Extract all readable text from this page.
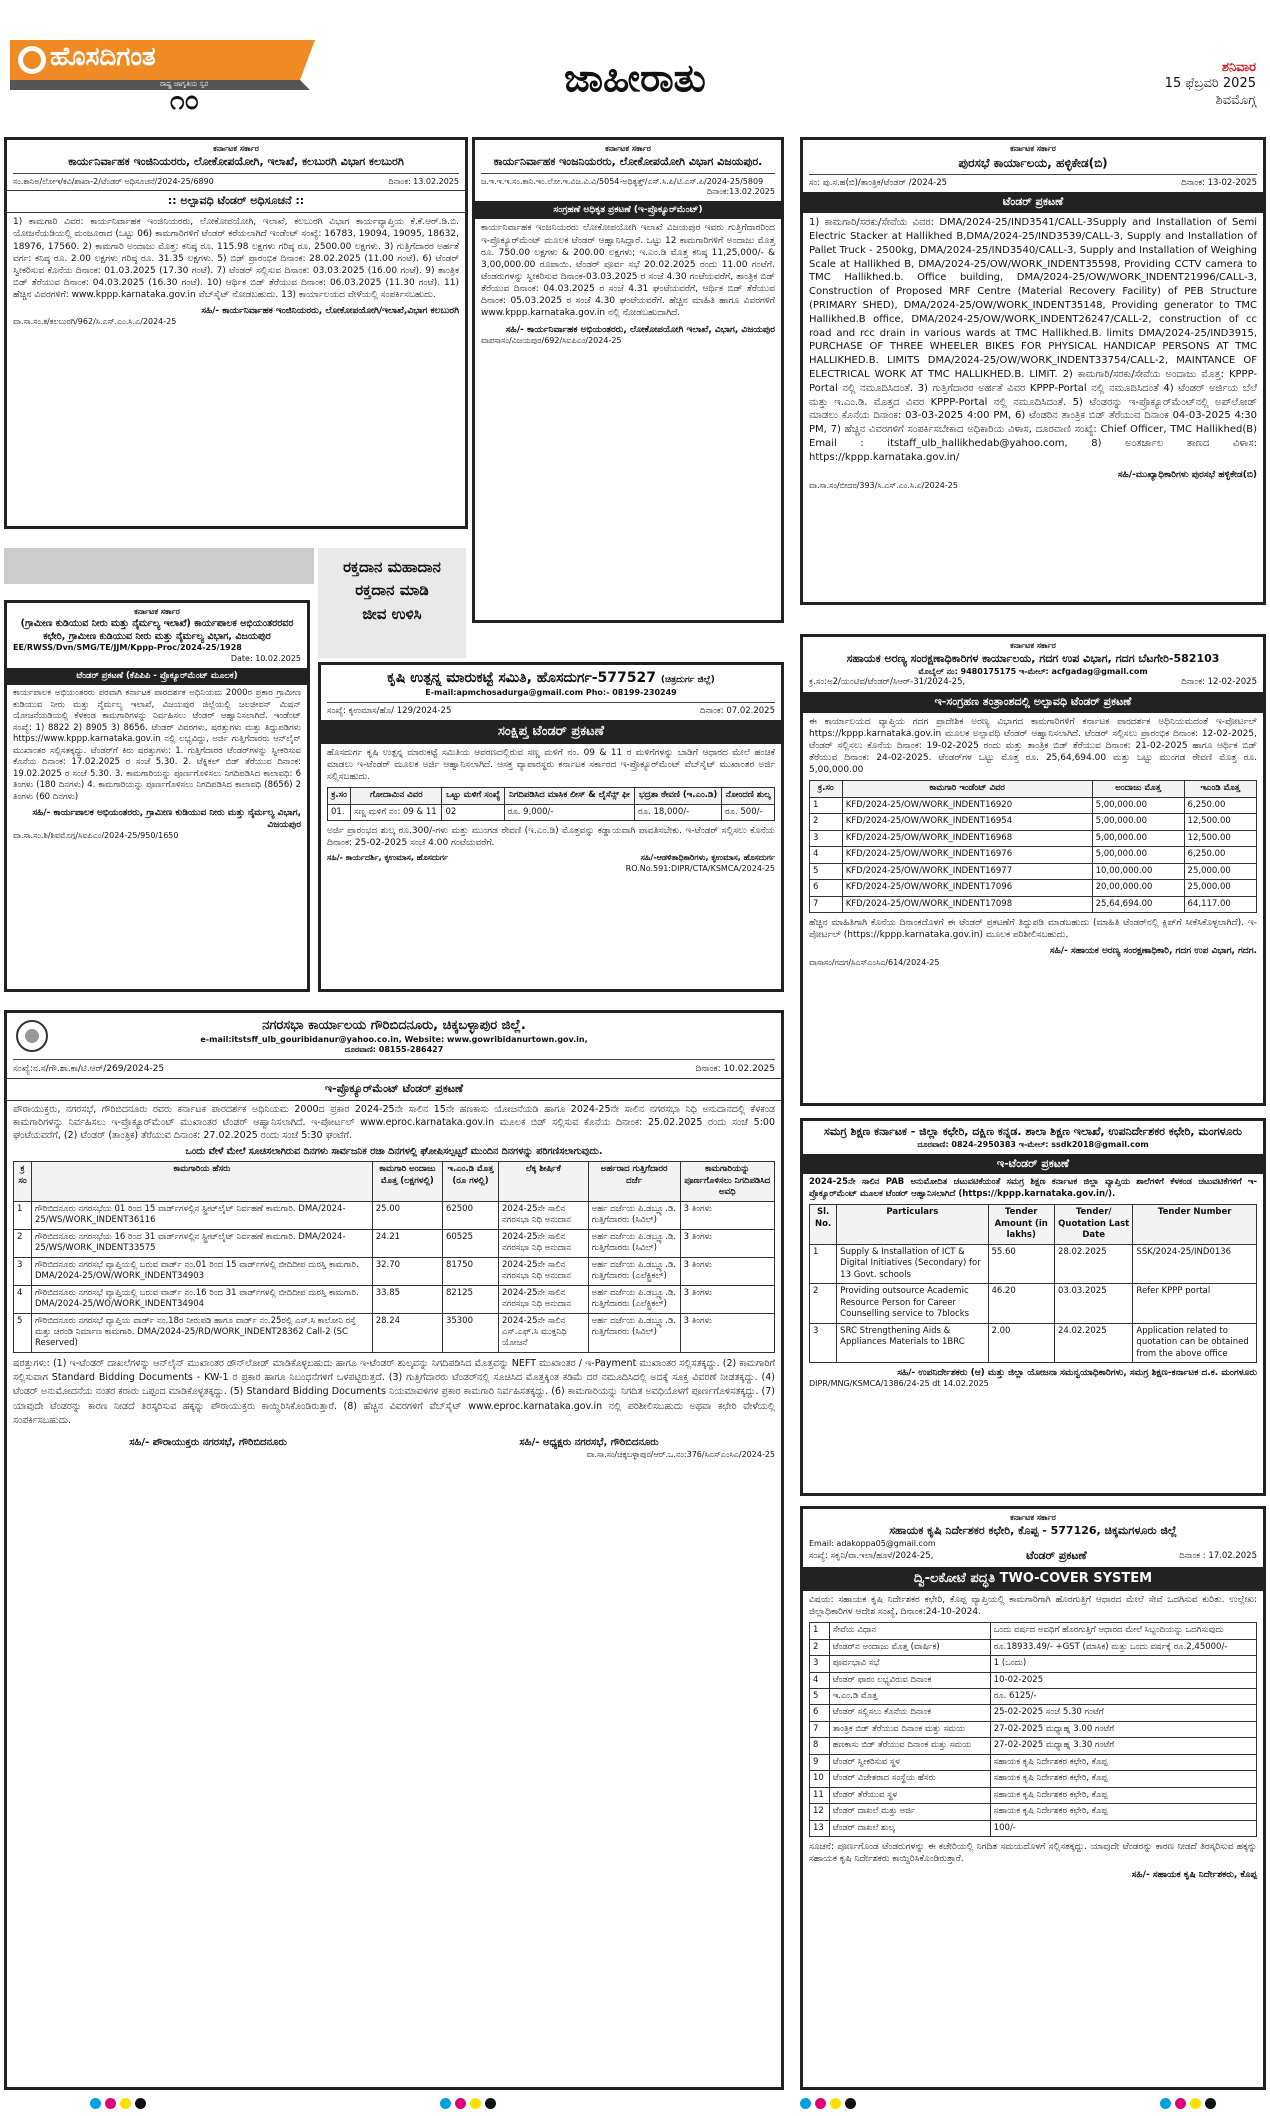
ಹೊಸದಿಗಂತ
ರಾಷ್ಟ್ರ ಜಾಗೃತಿಯ ಸ್ವರ
೧೦
ಜಾಹೀರಾತು	ಶನಿವಾರ
15 ಫೆಬ್ರವರಿ 2025
ಶಿವಮೊಗ್ಗ
ಕರ್ನಾಟಕ ಸರ್ಕಾರ
ಕಾರ್ಯನಿರ್ವಾಹಕ ಇಂಜಿನಿಯರರು, ಲೋಕೋಪಯೋಗಿ, ಇಲಾಖೆ, ಕಲಬುರಗಿ ವಿಭಾಗ ಕಲಬುರಗಿ
ಸಂ.ಕಾನಿಅ/ಲೋಇ/ಕವಿ/ಶಾಖಾ-2/ಟೆಂಡರ್ ಅಧಿಸೂಚನೆ/2024-25/6890	ದಿನಾಂಕ: 13.02.2025
:: ಅಲ್ಪಾವಧಿ ಟೆಂಡರ್ ಅಧಿಸೂಚನೆ ::
1) ಕಾಮಗಾರಿ ವಿವರ: ಕಾರ್ಯನಿರ್ವಾಹಕ ಇಂಜಿನಿಯರರು, ಲೋಕೋಪಯೋಗಿ, ಇಲಾಖೆ, ಕಲಬುರಗಿ ವಿಭಾಗ ಕಾರ್ಯವ್ಯಾಪ್ತಿಯ ಕೆ.ಕೆ.ಆರ್.ಡಿ.ಬಿ. ಯೋಜನೆಯಡಿಯಲ್ಲಿ ಮಂಜೂರಾದ (ಒಟ್ಟು 06) ಕಾಮಗಾರಿಗಳಿಗೆ ಟೆಂಡರ್ ಕರೆಯಲಾಗಿದೆ ಇಂಡೆಂಟ್ ಸಂಖ್ಯೆ: 16783, 19094, 19095, 18632, 18976, 17560. 2) ಕಾಮಗಾರಿ ಅಂದಾಜು ಮೊತ್ತ: ಕನಿಷ್ಠ ರೂ. 115.98 ಲಕ್ಷಗಳು ಗರಿಷ್ಠ ರೂ. 2500.00 ಲಕ್ಷಗಳು. 3) ಗುತ್ತಿಗೆದಾರರ ಅರ್ಹತೆ ವರ್ಗ: ಕನಿಷ್ಠ ರೂ. 2.00 ಲಕ್ಷಗಳು ಗರಿಷ್ಠ ರೂ. 31.35 ಲಕ್ಷಗಳು. 5) ಬಿಡ್ ಪ್ರಾರಂಭಿಕ ದಿನಾಂಕ: 28.02.2025 (11.00 ಗಂಟೆ). 6) ಟೆಂಡರ್ ಸ್ವೀಕರಿಸುವ ಕೊನೆಯ ದಿನಾಂಕ: 01.03.2025 (17.30 ಗಂಟೆ). 7) ಟೆಂಡರ್ ಸಲ್ಲಿಸುವ ದಿನಾಂಕ: 03.03.2025 (16.00 ಗಂಟೆ). 9) ತಾಂತ್ರಿಕ ಬಿಡ್ ತೆರೆಯುವ ದಿನಾಂಕ: 04.03.2025 (16.30 ಗಂಟೆ). 10) ಆರ್ಥಿಕ ಬಿಡ್ ತೆರೆಯುವ ದಿನಾಂಕ: 06.03.2025 (11.30 ಗಂಟೆ). 11) ಹೆಚ್ಚಿನ ವಿವರಗಳಿಗೆ: www.kppp.karnataka.gov.in ವೆಬ್‌ಸೈಟ್ ನೋಡಬಹುದು. 13) ಕಾರ್ಯಾಲಯದ ವೇಳೆಯಲ್ಲಿ ಸಂಪರ್ಕಿಸಬಹುದು.
ಸಹಿ/- ಕಾರ್ಯನಿರ್ವಾಹಕ ಇಂಜಿನಿಯರರು, ಲೋಕೋಪಯೋಗಿ/ಇಲಾಖೆ,ವಿಭಾಗ ಕಲಬುರಗಿ
ವಾ.ಸಾ.ಸಂ.ಕ/ಕಲಬುರಗಿ/962/ಸಿ.ಎಸ್.ಎಂ.ಸಿ.ಎ/2024-25
ಕರ್ನಾಟಕ ಸರ್ಕಾರ
ಕಾರ್ಯನಿರ್ವಾಹಕ ಇಂಜನಿಯರರು, ಲೋಕೋಪಯೋಗಿ ವಿಭಾಗ ವಿಜಯಪುರ.
ಜ.ಇ.ಇ.ಇ.ಸಂ.ಕಾನಿ.ಇಂ.ಲೋ.ಇ.ವಿಜ.ವಿ.ವಿ/5054-ಅಧಿಕೃತ್ತ್/ಎಸ್.ಸಿ.ಪಿ/ಟಿ.ಎಸ್.ಪಿ/2024-25/5809
ದಿನಾಂಕ:13.02.2025
ಸಂಗ್ರಹಣೆ ಅಧಿಕೃತ ಪ್ರಕಟಣೆ (ಇ-ಪ್ರೊಕ್ಯೂರ್‌ಮೆಂಟ್)
ಕಾರ್ಯನಿರ್ವಾಹಕ ಇಂಜನಿಯರರು ಲೋಕೋಪಯೋಗಿ ಇಲಾಖೆ ವಿಜಯಪುರ ಇವರು ಗುತ್ತಿಗೆದಾರರಿಂದ ಇ-ಪ್ರೊಕ್ಯೂರ್‌ಮೆಂಟ್ ಮೂಲಕ ಟೆಂಡರ್ ಆಹ್ವಾನಿಸಿದ್ದಾರೆ. ಒಟ್ಟು 12 ಕಾಮಗಾರಿಗಳಿಗೆ ಅಂದಾಜು ಮೊತ್ತ ರೂ. 750.00 ಲಕ್ಷಗಳು & 200.00 ಲಕ್ಷಗಳು; ಇ.ಎಂ.ಡಿ ಮೊತ್ತ ಕನಿಷ್ಠ 11,25,000/- & 3,00,000.00 ರೂಪಾಯಿ. ಟೆಂಡರ್ ಪೂರ್ವ ಸಭೆ 20.02.2025 ರಂದು 11.00 ಗಂಟೆಗೆ. ಟೆಂಡರುಗಳನ್ನು ಸ್ವೀಕರಿಸುವ ದಿನಾಂಕ-03.03.2025 ರ ಸಂಜೆ 4.30 ಗಂಟೆಯವರೆಗೆ, ತಾಂತ್ರಿಕ ಬಿಡ್ ತೆರೆಯುವ ದಿನಾಂಕ: 04.03.2025 ರ ಸಂಜೆ 4.31 ಘಂಟೆಯವರೆಗೆ, ಆರ್ಥಿಕ ಬಿಡ್ ತೆರೆಯುವ ದಿನಾಂಕ: 05.03.2025 ರ ಸಂಜೆ 4.30 ಘಂಟೆಯವರೆಗೆ. ಹೆಚ್ಚಿನ ಮಾಹಿತಿ ಹಾಗೂ ವಿವರಗಳಿಗೆ www.kppp.karnataka.gov.in ನಲ್ಲಿ ನೋಡಬಹುದಾಗಿದೆ.
ಸಹಿ/- ಕಾರ್ಯನಿರ್ವಾಹಕ ಅಭಿಯಂತರರು, ಲೋಕೋಪಯೋಗಿ ಇಲಾಖೆ, ವಿಭಾಗ, ವಿಜಯಪುರ
ವಾಪಸಾಸಂ/ವಿಜಯಪುರ/692/ಸಿಐಪಿಎಂ/2024-25
ಕರ್ನಾಟಕ ಸರ್ಕಾರ
ಪುರಸಭೆ ಕಾರ್ಯಾಲಯ, ಹಳ್ಳಿಕೇಡ(ಬಿ)
ಸಂ: ಪು.ಸ.ಹ(ಬಿ)/ತಾಂತ್ರಿಕ/ಟೆಂಡರ್ /2024-25	ದಿನಾಂಕ: 13-02-2025
ಟೆಂಡರ್ ಪ್ರಕಟಣೆ
1) ಕಾಮಗಾರಿ/ಸರಕು/ಸೇವೆಯ ವಿವರ: DMA/2024-25/IND3541/CALL-3Supply and Installation of Semi Electric Stacker at Hallikhed B,DMA/2024-25/IND3539/CALL-3, Supply and Installation of Pallet Truck - 2500kg, DMA/2024-25/IND3540/CALL-3, Supply and Installation of Weighing Scale at Hallikhed B, DMA/2024-25/OW/WORK_INDENT35598, Providing CCTV camera to TMC Hallikhed.b. Office building, DMA/2024-25/OW/WORK_INDENT21996/CALL-3, Construction of Proposed MRF Centre (Material Recovery Facility) of PEB Structure (PRIMARY SHED), DMA/2024-25/OW/WORK_INDENT35148, Providing generator to TMC Hallikhed.B office, DMA/2024-25/OW/WORK_INDENT26247/CALL-2, construction of cc road and rcc drain in various wards at TMC Hallikhed.B. limits DMA/2024-25/IND3915, PURCHASE OF THREE WHEELER BIKES FOR PHYSICAL HANDICAP PERSONS AT TMC HALLIKHED.B. LIMITS DMA/2024-25/OW/WORK_INDENT33754/CALL-2, MAINTANCE OF ELECTRICAL WORK AT TMC HALLIKHED.B. LIMIT. 2) ಕಾಮಗಾರಿ/ಸರಕು/ಸೇವೆಯ ಅಂದಾಜು ಮೊತ್ತ: KPPP-Portal ನಲ್ಲಿ ನಮೂದಿಸಿದಂತೆ. 3) ಗುತ್ತಿಗೆದಾರರ ಅರ್ಹತೆ ವಿವರ KPPP-Portal ನಲ್ಲಿ ನಮೂದಿಸಿದಂತೆ 4) ಟೆಂಡರ್ ಅರ್ಜಿಯ ಬೆಲೆ ಮತ್ತು ಇ.ಎಂ.ಡಿ. ಮೊತ್ತದ ವಿವರ KPPP-Portal ನಲ್ಲಿ ನಮೂದಿಸಿದಂತೆ. 5) ಟೆಂಡರನ್ನು ಇ-ಪ್ರೊಕ್ಯೂರ್‌ಮೆಂಟ್‌ನಲ್ಲಿ ಅಪ್‌ಲೋಡ್ ಮಾಡಲು ಕೊನೆಯ ದಿನಾಂಕ: 03-03-2025 4:00 PM, 6) ಟೆಂಡರಿನ ತಾಂತ್ರಿಕ ಬಿಡ್ ತೆರೆಯುವ ದಿನಾಂಕ 04-03-2025 4:30 PM, 7) ಹೆಚ್ಚಿನ ವಿವರಗಳಿಗೆ ಸಂಪರ್ಕಿಸಬೇಕಾದ ಅಧಿಕಾರಿಯ ವಿಳಾಸ, ದೂರವಾಣಿ ಸಂಖ್ಯೆ: Chief Officer, TMC Hallikhed(B) Email : itstaff_ulb_hallikhedab@yahoo.com, 8) ಅಂತರ್ಜಾಲ ತಾಣದ ವಿಳಾಸ: https://kppp.karnataka.gov.in/
ಸಹಿ/-ಮುಖ್ಯಾಧಿಕಾರಿಗಳು ಪುರಸಭೆ ಹಳ್ಳಿಕೇಡ(ಬಿ)
ವಾ.ಸಾ.ಸಂ/ಬೀದರ/393/ಸಿ.ಎಸ್.ಎಂ.ಸಿ.ಎ/2024-25
ರಕ್ತದಾನ ಮಹಾದಾನ
ರಕ್ತದಾನ ಮಾಡಿ
ಜೀವ ಉಳಿಸಿ
ಕರ್ನಾಟಕ ಸರ್ಕಾರ
(ಗ್ರಾಮೀಣ ಕುಡಿಯುವ ನೀರು ಮತ್ತು ನೈರ್ಮಲ್ಯ ಇಲಾಖೆ) ಕಾರ್ಯಪಾಲಕ ಅಭಿಯಂತರರವರ ಕಛೇರಿ, ಗ್ರಾಮೀಣ ಕುಡಿಯುವ ನೀರು ಮತ್ತು ನೈರ್ಮಲ್ಯ ವಿಭಾಗ, ವಿಜಯಪುರ
EE/RWSS/Dvn/SMG/TE/JJM/Kppp-Proc/2024-25/1928
Date: 10.02.2025
ಟೆಂಡರ್ ಪ್ರಕಟಣೆ (ಕೆಪಿಪಿಪಿ - ಪ್ರೊಕ್ಯೂರ್‌ಮೆಂಟ್ ಮೂಲಕ)
ಕಾರ್ಯಪಾಲಕ ಅಭಿಯಂತರರು ಪರವಾಗಿ ಕರ್ನಾಟಕ ಪಾರದರ್ಶಕ ಅಧಿನಿಯಮ 2000ರ ಪ್ರಕಾರ ಗ್ರಾಮೀಣ ಕುಡಿಯುವ ನೀರು ಮತ್ತು ನೈರ್ಮಲ್ಯ ಇಲಾಖೆ, ವಿಜಯಪುರ ಜಿಲ್ಲೆಯಲ್ಲಿ ಜಲಜೀವನ್ ಮಿಷನ್ ಯೋಜನೆಯಡಿಯಲ್ಲಿ ಕೆಳಕಂಡ ಕಾಮಗಾರಿಗಳನ್ನು ನಿರ್ವಹಿಸಲು ಟೆಂಡರ್ ಆಹ್ವಾನಿಸಲಾಗಿದೆ. ಇಂಡೆಂಟ್ ಸಂಖ್ಯೆ: 1) 8822 2) 8905 3) 8656. ಟೆಂಡರ್ ವಿವರಗಳು, ಷರತ್ತುಗಳು ಮತ್ತು ತಿದ್ದುಪಡಿಗಳು https://www.kppp.karnataka.gov.in ನಲ್ಲಿ ಲಭ್ಯವಿದ್ದು, ಅರ್ಜಿ ಗುತ್ತಿಗೆದಾರರು ಆನ್‌ಲೈನ್ ಮುಖಾಂತರ ಸಲ್ಲಿಸತಕ್ಕದ್ದು. ಟೆಂಡರ್‌ಗೆ ಕಿರು ಷರತ್ತುಗಳು: 1. ಗುತ್ತಿಗೆದಾರರ ಟೆಂಡರ್‌ಗಳನ್ನು ಸ್ವೀಕರಿಸುವ ಕೊನೆಯ ದಿನಾಂಕ: 17.02.2025 ರ ಸಂಜೆ 5.30. 2. ಟೆಕ್ನಿಕಲ್ ಬಿಡ್ ತೆರೆಯುವ ದಿನಾಂಕ: 19.02.2025 ರ ಸಂಜೆ 5.30. 3. ಕಾಮಗಾರಿಯನ್ನು ಪೂರ್ಣಗೊಳಿಸಲು ನಿಗದಿಪಡಿಸಿದ ಕಾಲಾವಧಿ: 6 ತಿಂಗಳು (180 ದಿನಗಳು) 4. ಕಾಮಗಾರಿಯನ್ನು ಪೂರ್ಣಗೊಳಿಸಲು ನಿಗದಿಪಡಿಸಿದ ಕಾಲಾವಧಿ (8656) 2 ತಿಂಗಳು (60 ದಿನಗಳು)
ಸಹಿ/- ಕಾರ್ಯಪಾಲಕ ಅಭಿಯಂತರರು, ಗ್ರಾಮೀಣ ಕುಡಿಯುವ ನೀರು ಮತ್ತು ನೈರ್ಮಲ್ಯ ವಿಭಾಗ, ವಿಜಯಪುರ
ವಾ.ಸಾ.ಸಂ.ಶಿ/ಶಿವಮೊಗ್ಗ/ಸಿಐಪಿಎಂ/2024-25/950/1650
ಕೃಷಿ ಉತ್ಪನ್ನ ಮಾರುಕಟ್ಟೆ ಸಮಿತಿ, ಹೊಸದುರ್ಗ-577527 (ಚಿತ್ರದುರ್ಗ ಜಿಲ್ಲೆ)
E-mail:apmchosadurga@gmail.com Pho:- 08199-230249
ಸಂಖ್ಯೆ: ಕೃಉಮಾಸ/ಹೊ/ 129/2024-25	ದಿನಾಂಕ: 07.02.2025
ಸಂಕ್ಷಿಪ್ತ ಟೆಂಡರ್ ಪ್ರಕಟಣೆ
ಹೊಸದುರ್ಗ ಕೃಷಿ ಉತ್ಪನ್ನ ಮಾರುಕಟ್ಟೆ ಸಮಿತಿಯ ಆವರಣದಲ್ಲಿರುವ ಸಣ್ಣ ಮಳಿಗೆ ನಂ. 09 & 11 ರ ಮಳಿಗೆಗಳನ್ನು ಬಾಡಿಗೆ ಆಧಾರದ ಮೇಲೆ ಹಂಚಿಕೆ ಮಾಡಲು ಇ-ಟೆಂಡರ್ ಮೂಲಕ ಅರ್ಜಿ ಆಹ್ವಾನಿಸಲಾಗಿದೆ. ಆಸಕ್ತ ವ್ಯಾಪಾರಸ್ಥರು ಕರ್ನಾಟಕ ಸರ್ಕಾರದ ಇ-ಪ್ರೊಕ್ಯೂರ್‌ಮೆಂಟ್ ವೆಬ್‌ಸೈಟ್ ಮುಖಾಂತರ ಅರ್ಜಿ ಸಲ್ಲಿಸಬಹುದು.
ಕ್ರ.ಸಂ	ಗೋದಾಮಿನ ವಿವರ	ಒಟ್ಟು ಮಳಿಗೆ ಸಂಖ್ಯೆ	ನಿಗದಿಪಡಿಸಿದ ಮಾಸಿಕ ಲೀಸ್ & ಲೈಸೆನ್ಸ್ ಫೀ	ಭದ್ರತಾ ಠೇವಣಿ (ಇ.ಎಂ.ಡಿ)	ನೋಂದಣಿ ಶುಲ್ಕ
01.	ಸಣ್ಣ ಮಳಿಗೆ ನಂ: 09 & 11	02	ರೂ. 9,000/-	ರೂ. 18,000/-	ರೂ. 500/-
ಅರ್ಜಿ ಪ್ರಾರಂಭದ ಶುಲ್ಕ ರೂ.300/-ಗಳು ಮತ್ತು ಮುಂಗಡ ಠೇವಣಿ (ಇ.ಎಂ.ಡಿ) ಮೊತ್ತವನ್ನು ಕಡ್ಡಾಯವಾಗಿ ಪಾವತಿಸಬೇಕು. ಇ-ಟೆಂಡರ್ ಸಲ್ಲಿಸಲು ಕೊನೆಯ ದಿನಾಂಕ: 25-02-2025 ಸಂಜೆ 4.00 ಗಂಟೆಯವರೆಗೆ.
ಸಹಿ/- ಕಾರ್ಯದರ್ಶಿ, ಕೃಉಮಾಸ, ಹೊಸದುರ್ಗ	ಸಹಿ/-ಆಡಳಿತಾಧಿಕಾರಿಗಳು, ಕೃಉಮಾಸ, ಹೊಸದುರ್ಗ
RO.No.591:DIPR/CTA/KSMCA/2024-25
ಕರ್ನಾಟಕ ಸರ್ಕಾರ
ಸಹಾಯಕ ಅರಣ್ಯ ಸಂರಕ್ಷಣಾಧಿಕಾರಿಗಳ ಕಾರ್ಯಾಲಯ, ಗದಗ ಉಪ ವಿಭಾಗ, ಗದಗ ಬೆಟಗೇರಿ-582103
ಮೊಬೈಲ್ ನಂ: 9480175175 ಇ-ಮೇಲ್: acfgadag@gmail.com
ಕ್ರ.ಸಂ:ಅ2/ಯಂಟಿವ/ಟೆಂಡರ್/ಸಿಆರ್-31/2024-25,	ದಿನಾಂಕ: 12-02-2025
ಇ-ಸಂಗ್ರಹಣ ತಂತ್ರಾಂಶದಲ್ಲಿ ಅಲ್ಪಾವಧಿ ಟೆಂಡರ್ ಪ್ರಕಟಣೆ
ಈ ಕಾರ್ಯಾಲಯದ ವ್ಯಾಪ್ತಿಯ ಗದಗ ಪ್ರಾದೇಶಿಕ ಅರಣ್ಯ ವಿಭಾಗದ ಕಾಮಗಾರಿಗಳಿಗೆ ಕರ್ನಾಟಕ ಪಾರದರ್ಶಕ ಅಧಿನಿಯಮದಂತೆ ಇ-ಪೋರ್ಟಲ್ https://kppp.karnataka.gov.in ಮೂಲಕ ಅಲ್ಪಾವಧಿ ಟೆಂಡರ್ ಆಹ್ವಾನಿಸಲಾಗಿದೆ. ಟೆಂಡರ್ ಸಲ್ಲಿಸಲು ಪ್ರಾರಂಭಿಕ ದಿನಾಂಕ: 12-02-2025, ಟೆಂಡರ್ ಸಲ್ಲಿಸಲು ಕೊನೆಯ ದಿನಾಂಕ: 19-02-2025 ರಂದು ಮತ್ತು ತಾಂತ್ರಿಕ ಬಿಡ್ ತೆರೆಯುವ ದಿನಾಂಕ: 21-02-2025 ಹಾಗೂ ಆರ್ಥಿಕ ಬಿಡ್ ತೆರೆಯುವ ದಿನಾಂಕ: 24-02-2025. ಟೆಂಡರ್‌ಗಳ ಒಟ್ಟು ಮೊತ್ತ ರೂ. 25,64,694.00 ಮತ್ತು ಒಟ್ಟು ಮುಂಗಡ ಠೇವಣಿ ಮೊತ್ತ ರೂ. 5,00,000.00
ಕ್ರ.ಸಂ	ಕಾಮಗಾರಿ ಇಂಡೆಂಟ್ ವಿವರ	ಅಂದಾಜು ಮೊತ್ತ	ಇಎಂಡಿ ಮೊತ್ತ
1	KFD/2024-25/OW/WORK_INDENT16920	5,00,000.00	6,250.00
2	KFD/2024-25/OW/WORK_INDENT16954	5,00,000.00	12,500.00
3	KFD/2024-25/OW/WORK_INDENT16968	5,00,000.00	12,500.00
4	KFD/2024-25/OW/WORK_INDENT16976	5,00,000.00	6,250.00
5	KFD/2024-25/OW/WORK_INDENT16977	10,00,000.00	25,000.00
6	KFD/2024-25/OW/WORK_INDENT17096	20,00,000.00	25,000.00
7	KFD/2024-25/OW/WORK_INDENT17098	25,64,694.00	64,117.00
ಹೆಚ್ಚಿನ ಮಾಹಿತಿಗಾಗಿ ಕೊನೆಯ ದಿನಾಂಕದೊಳಗೆ ಈ ಟೆಂಡರ್ ಪ್ರಕಟಣೆಗೆ ತಿದ್ದುಪಡಿ ಮಾಡಬಹುದು (ಮಾಹಿತಿ ಟೆಂಡರ್‌ನಲ್ಲಿ ಕ್ಲಿಪ್‌ಗೆ ಸೀಕೆಸಿಕೊಳ್ಳಲಾಗಿದೆ). ಇ-ಪೋರ್ಟಲ್ (https://kppp.karnataka.gov.in) ಮೂಲಕ ಪರಿಶೀಲಿಸಬಹುದು.
ಸಹಿ/- ಸಹಾಯಕ ಅರಣ್ಯ ಸಂರಕ್ಷಣಾಧಿಕಾರಿ, ಗದಗ ಉಪ ವಿಭಾಗ, ಗದಗ.
ವಾಸಾಸಂ/ಗದಗ/ಸಿಎಸ್‌ಎಂಸಿಎ/614/2024-25
ನಗರಸಭಾ ಕಾರ್ಯಾಲಯ ಗೌರಿಬಿದನೂರು, ಚಿಕ್ಕಬಳ್ಳಾಪುರ ಜಿಲ್ಲೆ.
e-mail:itstsff_ulb_gouribidanur@yahoo.co.in, Website: www.gowribidanurtown.gov.in,
ದೂರವಾಣಿ: 08155-286427
ಸಂಖ್ಯೆ:ನ.ಸ/ಗೌ.ಶಾ.ಕಾ/ಟಿ.ಆರ್/269/2024-25	ದಿನಾಂಕ: 10.02.2025
ಇ-ಪ್ರೊಕ್ಯೂರ್‌ಮೆಂಟ್ ಟೆಂಡರ್ ಪ್ರಕಟಣೆ
ಪೌರಾಯುಕ್ತರು, ನಗರಸಭೆ, ಗೌರಿಬಿದನೂರು ರವರು ಕರ್ನಾಟಕ ಪಾರದರ್ಶಕ ಅಧಿನಿಯಮ 2000ದ ಪ್ರಕಾರ 2024-25ನೇ ಸಾಲಿನ 15ನೇ ಹಣಕಾಸು ಯೋಜನೆಯಡಿ ಹಾಗೂ 2024-25ನೇ ಸಾಲಿನ ನಗರಸಭಾ ನಿಧಿ ಅನುದಾನದಲ್ಲಿ ಕೆಳಕಂಡ ಕಾಮಗಾರಿಗಳನ್ನು ನಿರ್ವಹಿಸಲು ಇ-ಪ್ರೊಕ್ಯೂರ್‌ಮೆಂಟ್ ಮುಖಾಂತರ ಟೆಂಡರ್ ಆಹ್ವಾನಿಸಲಾಗಿದೆ. ಇ-ಪೋರ್ಟಲ್ www.eproc.karnataka.gov.in ಮೂಲಕ ಬಿಡ್ ಸಲ್ಲಿಸುವ ಕೊನೆಯ ದಿನಾಂಕ: 25.02.2025 ರಂದು ಸಂಜೆ 5:00 ಘಂಟೆಯವರೆಗೆ, (2) ಟೆಂಡರ್ (ತಾಂತ್ರಿಕ) ತೆರೆಯುವ ದಿನಾಂಕ: 27.02.2025 ರಂದು ಸಂಜೆ 5:30 ಘಂಟೆಗೆ.
ಒಂದು ವೇಳೆ ಮೇಲೆ ಸೂಚಿಸಲಾಗಿರುವ ದಿನಗಳು ಸಾರ್ವಜನಿಕ ರಜಾ ದಿನಗಳಲ್ಲಿ ಘೋಷಿಸಲ್ಪಟ್ಟರೆ ಮುಂದಿನ ದಿನಗಳನ್ನು ಪರಿಗಣಿಸಲಾಗುವುದು.
ಕ್ರ ಸಂ	ಕಾಮಗಾರಿಯ ಹೆಸರು	ಕಾಮಗಾರಿ ಅಂದಾಜು ಮೊತ್ತ (ಲಕ್ಷಗಳಲ್ಲಿ)	ಇ.ಎಂ.ಡಿ ಮೊತ್ತ (ರೂ ಗಳಲ್ಲಿ)	ಲೆಕ್ಕ ಶೀರ್ಷಿಕೆ	ಅರ್ಹರಾದ ಗುತ್ತಿಗೆದಾರರ ದರ್ಜೆ	ಕಾಮಗಾರಿಯನ್ನು ಪೂರ್ಣಗೊಳಿಸಲು ನಿಗದಿಪಡಿಸಿದ ಅವಧಿ
1	ಗೌರಿಬಿದನೂರು ನಗರಸಭೆಯ 01 ರಿಂದ 15 ವಾರ್ಡ್‌ಗಳಲ್ಲಿನ ಸ್ಟ್ರೀಟ್‌ಲೈಟ್ ನಿರ್ವಹಣೆ ಕಾಮಗಾರಿ. DMA/2024-25/WS/WORK_INDENT36116	25.00	62500	2024-25ನೇ ಸಾಲಿನ ನಗರಸಭಾ ನಿಧಿ ಅನುದಾನ	ಅರ್ಹ ದರ್ಜೆಯ ಪಿ.ಡಬ್ಲ್ಯೂ.ಡಿ. ಗುತ್ತಿಗೆದಾರರು (ಸಿವಿಲ್)	3 ತಿಂಗಳು
2	ಗೌರಿಬಿದನೂರು ನಗರಸಭೆಯ 16 ರಿಂದ 31 ವಾರ್ಡ್‌ಗಳಲ್ಲಿನ ಸ್ಟ್ರೀಟ್‌ಲೈಟ್ ನಿರ್ವಹಣೆ ಕಾಮಗಾರಿ. DMA/2024-25/WS/WORK_INDENT33575	24.21	60525	2024-25ನೇ ಸಾಲಿನ ನಗರಸಭಾ ನಿಧಿ ಅನುದಾನ	ಅರ್ಹ ದರ್ಜೆಯ ಪಿ.ಡಬ್ಲ್ಯೂ.ಡಿ. ಗುತ್ತಿಗೆದಾರರು (ಸಿವಿಲ್)	3 ತಿಂಗಳು
3	ಗೌರಿಬಿದನೂರು ನಗರಸಭೆ ವ್ಯಾಪ್ತಿಯಲ್ಲಿ ಬರುವ ವಾರ್ಡ್ ನಂ.01 ರಿಂದ 15 ವಾರ್ಡ್‌ಗಳಲ್ಲಿ ಬೀದಿದೀಪ ದುರಸ್ತಿ ಕಾಮಗಾರಿ. DMA/2024-25/OW/WORK_INDENT34903	32.70	81750	2024-25ನೇ ಸಾಲಿನ ನಗರಸಭಾ ನಿಧಿ ಅನುದಾನ	ಅರ್ಹ ದರ್ಜೆಯ ಪಿ.ಡಬ್ಲ್ಯೂ.ಡಿ. ಗುತ್ತಿಗೆದಾರರು (ಎಲೆಕ್ಟ್ರಿಕಲ್)	3 ತಿಂಗಳು
4	ಗೌರಿಬಿದನೂರು ನಗರಸಭೆ ವ್ಯಾಪ್ತಿಯಲ್ಲಿ ಬರುವ ವಾರ್ಡ್ ನಂ.16 ರಿಂದ 31 ವಾರ್ಡ್‌ಗಳಲ್ಲಿ ಬೀದಿದೀಪ ದುರಸ್ತಿ ಕಾಮಗಾರಿ. DMA/2024-25/WO/WORK_INDENT34904	33.85	82125	2024-25ನೇ ಸಾಲಿನ ನಗರಸಭಾ ನಿಧಿ ಅನುದಾನ	ಅರ್ಹ ದರ್ಜೆಯ ಪಿ.ಡಬ್ಲ್ಯೂ.ಡಿ. ಗುತ್ತಿಗೆದಾರರು (ಎಲೆಕ್ಟ್ರಿಕಲ್)	3 ತಿಂಗಳು
5	ಗೌರಿಬಿದನೂರು ನಗರಸಭೆ ವ್ಯಾಪ್ತಿಯ ವಾರ್ಡ್ ನಂ.18ರ ನೀರುಪಡಿ ಹಾಗೂ ವಾರ್ಡ್ ನಂ.25ರಲ್ಲಿ ಎಸ್.ಸಿ ಕಾಲೋನಿ ರಸ್ತೆ ಮತ್ತು ಚರಂಡಿ ನಿರ್ಮಾಣ ಕಾಮಗಾರಿ. DMA/2024-25/RD/WORK_INDENT28362 Call-2 (SC Reserved)	28.24	35300	2024-25ನೇ ಸಾಲಿನ ಎಸ್.ಎಫ್.ಸಿ ಮುಕ್ತನಿಧಿ ಯೋಜನೆ	ಅರ್ಹ ದರ್ಜೆಯ ಪಿ.ಡಬ್ಲ್ಯೂ.ಡಿ. ಗುತ್ತಿಗೆದಾರರು (ಸಿವಿಲ್)	3 ತಿಂಗಳು
ಷರತ್ತುಗಳು: (1) ಇ-ಟೆಂಡರ್ ದಾಖಲೆಗಳನ್ನು ಆನ್‌ಲೈನ್ ಮುಖಾಂತರ ಡೌನ್‌ಲೋಡ್ ಮಾಡಿಕೊಳ್ಳಬಹುದು ಹಾಗೂ ಇ-ಟೆಂಡರ್ ಶುಲ್ಕವನ್ನು ನಿಗದಿಪಡಿಸಿದ ಮೊತ್ತವನ್ನು NEFT ಮುಖಾಂತರ / ಇ-Payment ಮುಖಾಂತರ ಸಲ್ಲಿಸತಕ್ಕದ್ದು. (2) ಕಾಮಗಾರಿಗೆ ಸಲ್ಲಿಸುವಾಗ Standard Bidding Documents - KW-1 ರ ಪ್ರಕಾರ ಹಾಗೂ ನಿಬಂಧನೆಗಳಿಗೆ ಒಳಪಟ್ಟಿರುತ್ತದೆ. (3) ಗುತ್ತಿಗೆದಾರರು ಟೆಂಡರ್‌ನಲ್ಲಿ ಸೂಚಿಸಿದ ಮೊತ್ತಕ್ಕಿಂತ ಕಡಿಮೆ ದರ ನಮೂದಿಸಿದಲ್ಲಿ ಅದಕ್ಕೆ ಸೂಕ್ತ ವಿವರಣೆ ನೀಡತಕ್ಕದ್ದು. (4) ಟೆಂಡರ್ ಅನುಮೋದನೆಯ ನಂತರ ಕರಾರು ಒಪ್ಪಂದ ಮಾಡಿಕೊಳ್ಳತಕ್ಕದ್ದು. (5) Standard Bidding Documents ನಿಯಮಾವಳಿಗಳ ಪ್ರಕಾರ ಕಾಮಗಾರಿ ನಿರ್ವಹಿಸತಕ್ಕದ್ದು. (6) ಕಾಮಗಾರಿಯನ್ನು ನಿಗದಿತ ಅವಧಿಯೊಳಗೆ ಪೂರ್ಣಗೊಳಿಸತಕ್ಕದ್ದು. (7) ಯಾವುದೇ ಟೆಂಡರನ್ನು ಕಾರಣ ನೀಡದೆ ತಿರಸ್ಕರಿಸುವ ಹಕ್ಕನ್ನು ಪೌರಾಯುಕ್ತರು ಕಾಯ್ದಿರಿಸಿಕೊಂಡಿರುತ್ತಾರೆ. (8) ಹೆಚ್ಚಿನ ವಿವರಗಳಿಗೆ ವೆಬ್‌ಸೈಟ್ www.eproc.karnataka.gov.in ನಲ್ಲಿ ಪರಿಶೀಲಿಸಬಹುದು ಅಥವಾ ಕಛೇರಿ ವೇಳೆಯಲ್ಲಿ ಸಂಪರ್ಕಿಸಬಹುದು.
ಸಹಿ/- ಪೌರಾಯುಕ್ತರು ನಗರಸಭೆ, ಗೌರಿಬಿದನೂರು	ಸಹಿ/- ಅಧ್ಯಕ್ಷರು ನಗರಸಭೆ, ಗೌರಿಬಿದನೂರು
ವಾ.ಸಾ.ಸಂ/ಚಿಕ್ಕಬಳ್ಳಾಪುರ/ಆರ್.ಒ.ನಂ:376/ಸಿಎಸ್‌ಎಂಸಿಎ/2024-25
ಸಮಗ್ರ ಶಿಕ್ಷಣ ಕರ್ನಾಟಕ - ಜಿಲ್ಲಾ ಕಛೇರಿ, ದಕ್ಷಿಣ ಕನ್ನಡ. ಶಾಲಾ ಶಿಕ್ಷಣ ಇಲಾಖೆ, ಉಪನಿರ್ದೇಶಕರ ಕಛೇರಿ, ಮಂಗಳೂರು
ದೂರವಾಣಿ: 0824-2950383 ಇ-ಮೇಲ್: ssdk2018@gmail.com
ಇ-ಟೆಂಡರ್ ಪ್ರಕಟಣೆ
2024-25ನೇ ಸಾಲಿನ PAB ಅನುಮೋದಿತ ಚಟುವಟಿಕೆಯಂತೆ ಸಮಗ್ರ ಶಿಕ್ಷಣ ಕರ್ನಾಟಕ ಜಿಲ್ಲಾ ವ್ಯಾಪ್ತಿಯ ಶಾಲೆಗಳಿಗೆ ಕೆಳಕಂಡ ಚಟುವಟಿಕೆಗಳಿಗೆ ಇ-ಪ್ರೊಕ್ಯೂರ್‌ಮೆಂಟ್ ಮೂಲಕ ಟೆಂಡರ್ ಆಹ್ವಾನಿಸಲಾಗಿದೆ (https://kppp.karnataka.gov.in/).
Sl. No.	Particulars	Tender Amount (in lakhs)	Tender/ Quotation Last Date	Tender Number
1	Supply & Installation of ICT & Digital Initiatives (Secondary) for 13 Govt. schools	55.60	28.02.2025	SSK/2024-25/IND0136
2	Providing outsource Academic Resource Person for Career Counselling service to 7blocks	46.20	03.03.2025	Refer KPPP portal
3	SRC Strengthening Aids & Appliances Materials to 1BRC	2.00	24.02.2025	Application related to quotation can be obtained from the above office
ಸಹಿ/- ಉಪನಿರ್ದೇಶಕರು (ಆ) ಮತ್ತು ಜಿಲ್ಲಾ ಯೋಜನಾ ಸಮನ್ವಯಾಧಿಕಾರಿಗಳು, ಸಮಗ್ರ ಶಿಕ್ಷಣ-ಕರ್ನಾಟಕ ದ.ಕ. ಮಂಗಳೂರು
DIPR/MNG/KSMCA/1386/24-25 dt 14.02.2025
ಕರ್ನಾಟಕ ಸರ್ಕಾರ
ಸಹಾಯಕ ಕೃಷಿ ನಿರ್ದೇಶಕರ ಕಛೇರಿ, ಕೊಪ್ಪ - 577126, ಚಿಕ್ಕಮಗಳೂರು ಜಿಲ್ಲೆ
Email: adakoppa05@gmail.com
ಸಂಖ್ಯೆ: ಸಕೃನಿ/ವಾ.ಇಲಾ/ಹೂಳೆ/2024-25,	ಟೆಂಡರ್ ಪ್ರಕಟಣೆ	ದಿನಾಂಕ : 17.02.2025
ದ್ವಿ-ಲಕೋಟೆ ಪದ್ಧತಿ TWO-COVER SYSTEM
ವಿಷಯ: ಸಹಾಯಕ ಕೃಷಿ ನಿರ್ದೇಶಕರ ಕಛೇರಿ, ಕೊಪ್ಪ ವ್ಯಾಪ್ತಿಯಲ್ಲಿ ಕಾಮಗಾರಿಗಾಗಿ ಹೊರಗುತ್ತಿಗೆ ಆಧಾರದ ಮೇಲೆ ಸೇವೆ ಒದಗಿಸುವ ಕುರಿತು. ಉಲ್ಲೇಖ: ಜಿಲ್ಲಾಧಿಕಾರಿಗಳ ಆದೇಶ ಸಂಖ್ಯೆ, ದಿನಾಂಕ:24-10-2024.
1	ಸೇವೆಯ ವಿಧಾನ	ಒಂದು ವರ್ಷದ ಅವಧಿಗೆ ಹೊರಗುತ್ತಿಗೆ ಆಧಾರದ ಮೇಲೆ ಸಿಬ್ಬಂದಿಯನ್ನು ಒದಗಿಸುವುದು
2	ಟೆಂಡರ್‌ನ ಅಂದಾಜು ಮೊತ್ತ (ವಾರ್ಷಿಕ)	ರೂ.18933.49/- +GST (ಮಾಸಿಕ) ಮತ್ತು ಒಂದು ವರ್ಷಕ್ಕೆ ರೂ.2,45000/-
3	ಪೂರ್ವಭಾವಿ ಸಭೆ	1 (ಒಂದು)
4	ಟೆಂಡರ್ ಫಾರಂ ಲಭ್ಯವಿರುವ ದಿನಾಂಕ	10-02-2025
5	ಇ.ಎಂ.ಡಿ ಮೊತ್ತ	ರೂ. 6125/-
6	ಟೆಂಡರ್ ಸಲ್ಲಿಸಲು ಕೊನೆಯ ದಿನಾಂಕ	25-02-2025 ಸಂಜೆ 5.30 ಗಂಟೆಗೆ
7	ತಾಂತ್ರಿಕ ಬಿಡ್ ತೆರೆಯುವ ದಿನಾಂಕ ಮತ್ತು ಸಮಯ	27-02-2025 ಮಧ್ಯಾಹ್ನ 3.00 ಗಂಟೆಗೆ
8	ಹಣಕಾಸು ಬಿಡ್ ತೆರೆಯುವ ದಿನಾಂಕ ಮತ್ತು ಸಮಯ	27-02-2025 ಮಧ್ಯಾಹ್ನ 3.30 ಗಂಟೆಗೆ
9	ಟೆಂಡರ್ ಸ್ವೀಕರಿಸುವ ಸ್ಥಳ	ಸಹಾಯಕ ಕೃಷಿ ನಿರ್ದೇಶಕರ ಕಛೇರಿ, ಕೊಪ್ಪ
10	ಟೆಂಡರ್ ವಿಜೇತರಾದ ಸಂಸ್ಥೆಯ ಹೆಸರು	ಸಹಾಯಕ ಕೃಷಿ ನಿರ್ದೇಶಕರ ಕಛೇರಿ, ಕೊಪ್ಪ
11	ಟೆಂಡರ್ ತೆರೆಯುವ ಸ್ಥಳ	ಸಹಾಯಕ ಕೃಷಿ ನಿರ್ದೇಶಕರ ಕಛೇರಿ, ಕೊಪ್ಪ
12	ಟೆಂಡರ್ ದಾಖಲೆ ಮತ್ತು ಅರ್ಜಿ	ಸಹಾಯಕ ಕೃಷಿ ನಿರ್ದೇಶಕರ ಕಛೇರಿ, ಕೊಪ್ಪ
13	ಟೆಂಡರ್ ದಾಖಲೆ ಶುಲ್ಕ	100/-
ಸೂಚನೆ: ಪೂರ್ಣಗೊಂಡ ಟೆಂಡರುಗಳನ್ನು ಈ ಕಚೇರಿಯಲ್ಲಿ ನಿಗದಿತ ಸಮಯದೊಳಗೆ ಸಲ್ಲಿಸತಕ್ಕದ್ದು. ಯಾವುದೇ ಟೆಂಡರನ್ನು ಕಾರಣ ನೀಡದೆ ತಿರಸ್ಕರಿಸುವ ಹಕ್ಕನ್ನು ಸಹಾಯಕ ಕೃಷಿ ನಿರ್ದೇಶಕರು ಕಾಯ್ದಿರಿಸಿಕೊಂಡಿರುತ್ತಾರೆ.
ಸಹಿ/- ಸಹಾಯಕ ಕೃಷಿ ನಿರ್ದೇಶಕರು, ಕೊಪ್ಪ
